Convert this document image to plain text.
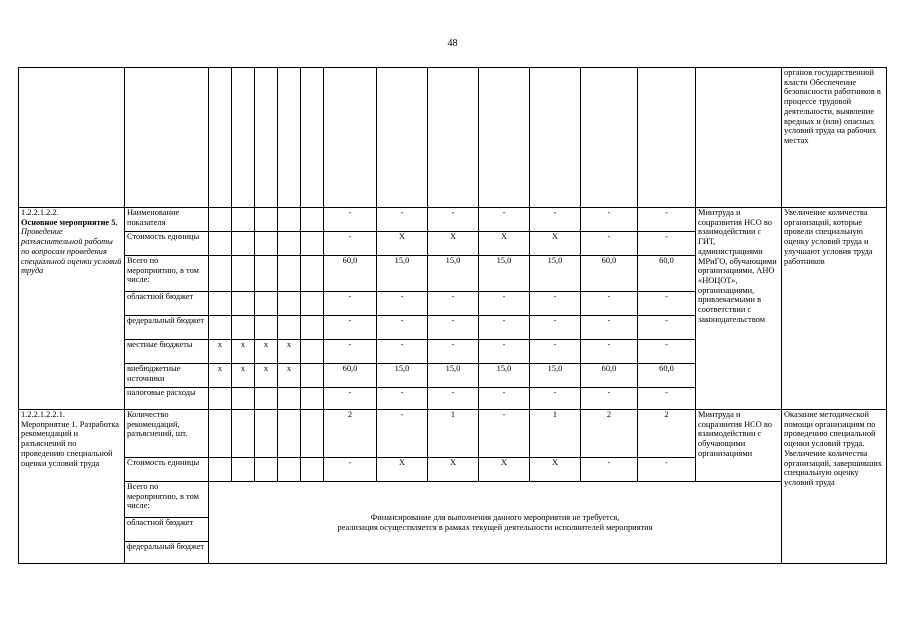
48
															органов государственной власти Обеспечение безопасности работников в процессе трудовой деятельности, выявление вредных и (или) опасных условий труда на рабочих местах

1.2.2.1.2.2.
Основное мероприятие 5.
Проведение разъяснительной работы по вопросам проведения специальной оценки условий труда	Наименование показателя						-	-	-	-	-	-	-	Минтруда и соцразвития НСО во взаимодействии с ГИТ, администрациями МРиГО, обучающими организациями, АНО «НОЦОТ», организациями, привлекаемыми в соответствии с законодательством	Увеличение количества организаций, которые провели специальную оценку условий труда и улучшают условия труда работников
	Стоимость единицы						-	X	X	X	X	-	-		
	Всего по мероприятию, в том числе:						60,0	15,0	15,0	15,0	15,0	60,0	60,0		
	областной бюджет						-	-	-	-	-	-	-		
	федеральный бюджет						-	-	-	-	-	-	-		
	местные бюджеты	x	x	x	x		-	-	-	-	-	-	-		
	внебюджетные источники	x	x	x	x		60,0	15,0	15,0	15,0	15,0	60,0	60,0		
	налоговые расходы						-	-	-	-	-	-	-		

1.2.2.1.2.2.1.
Мероприятие 1. Разработка рекомендаций и разъяснений по проведению специальной оценки условий труда	Количество рекомендаций, разъяснений, шт.						2	-	1	-	1	2	2	Минтруда и соцразвития НСО во взаимодействии с обучающими организациями	Оказание методической помощи организациям по проведению специальной оценки условий труда. Увеличение количества организаций, завершивших специальную оценку условий труда
	Стоимость единицы						-	X	X	X	X	-	-		
	Всего по мероприятию, в том числе:	Финансирование для выполнения данного мероприятия не требуется,
реализация осуществляется в рамках текущей деятельности исполнителей мероприятия													

	областной бюджет														
	федеральный бюджет														
